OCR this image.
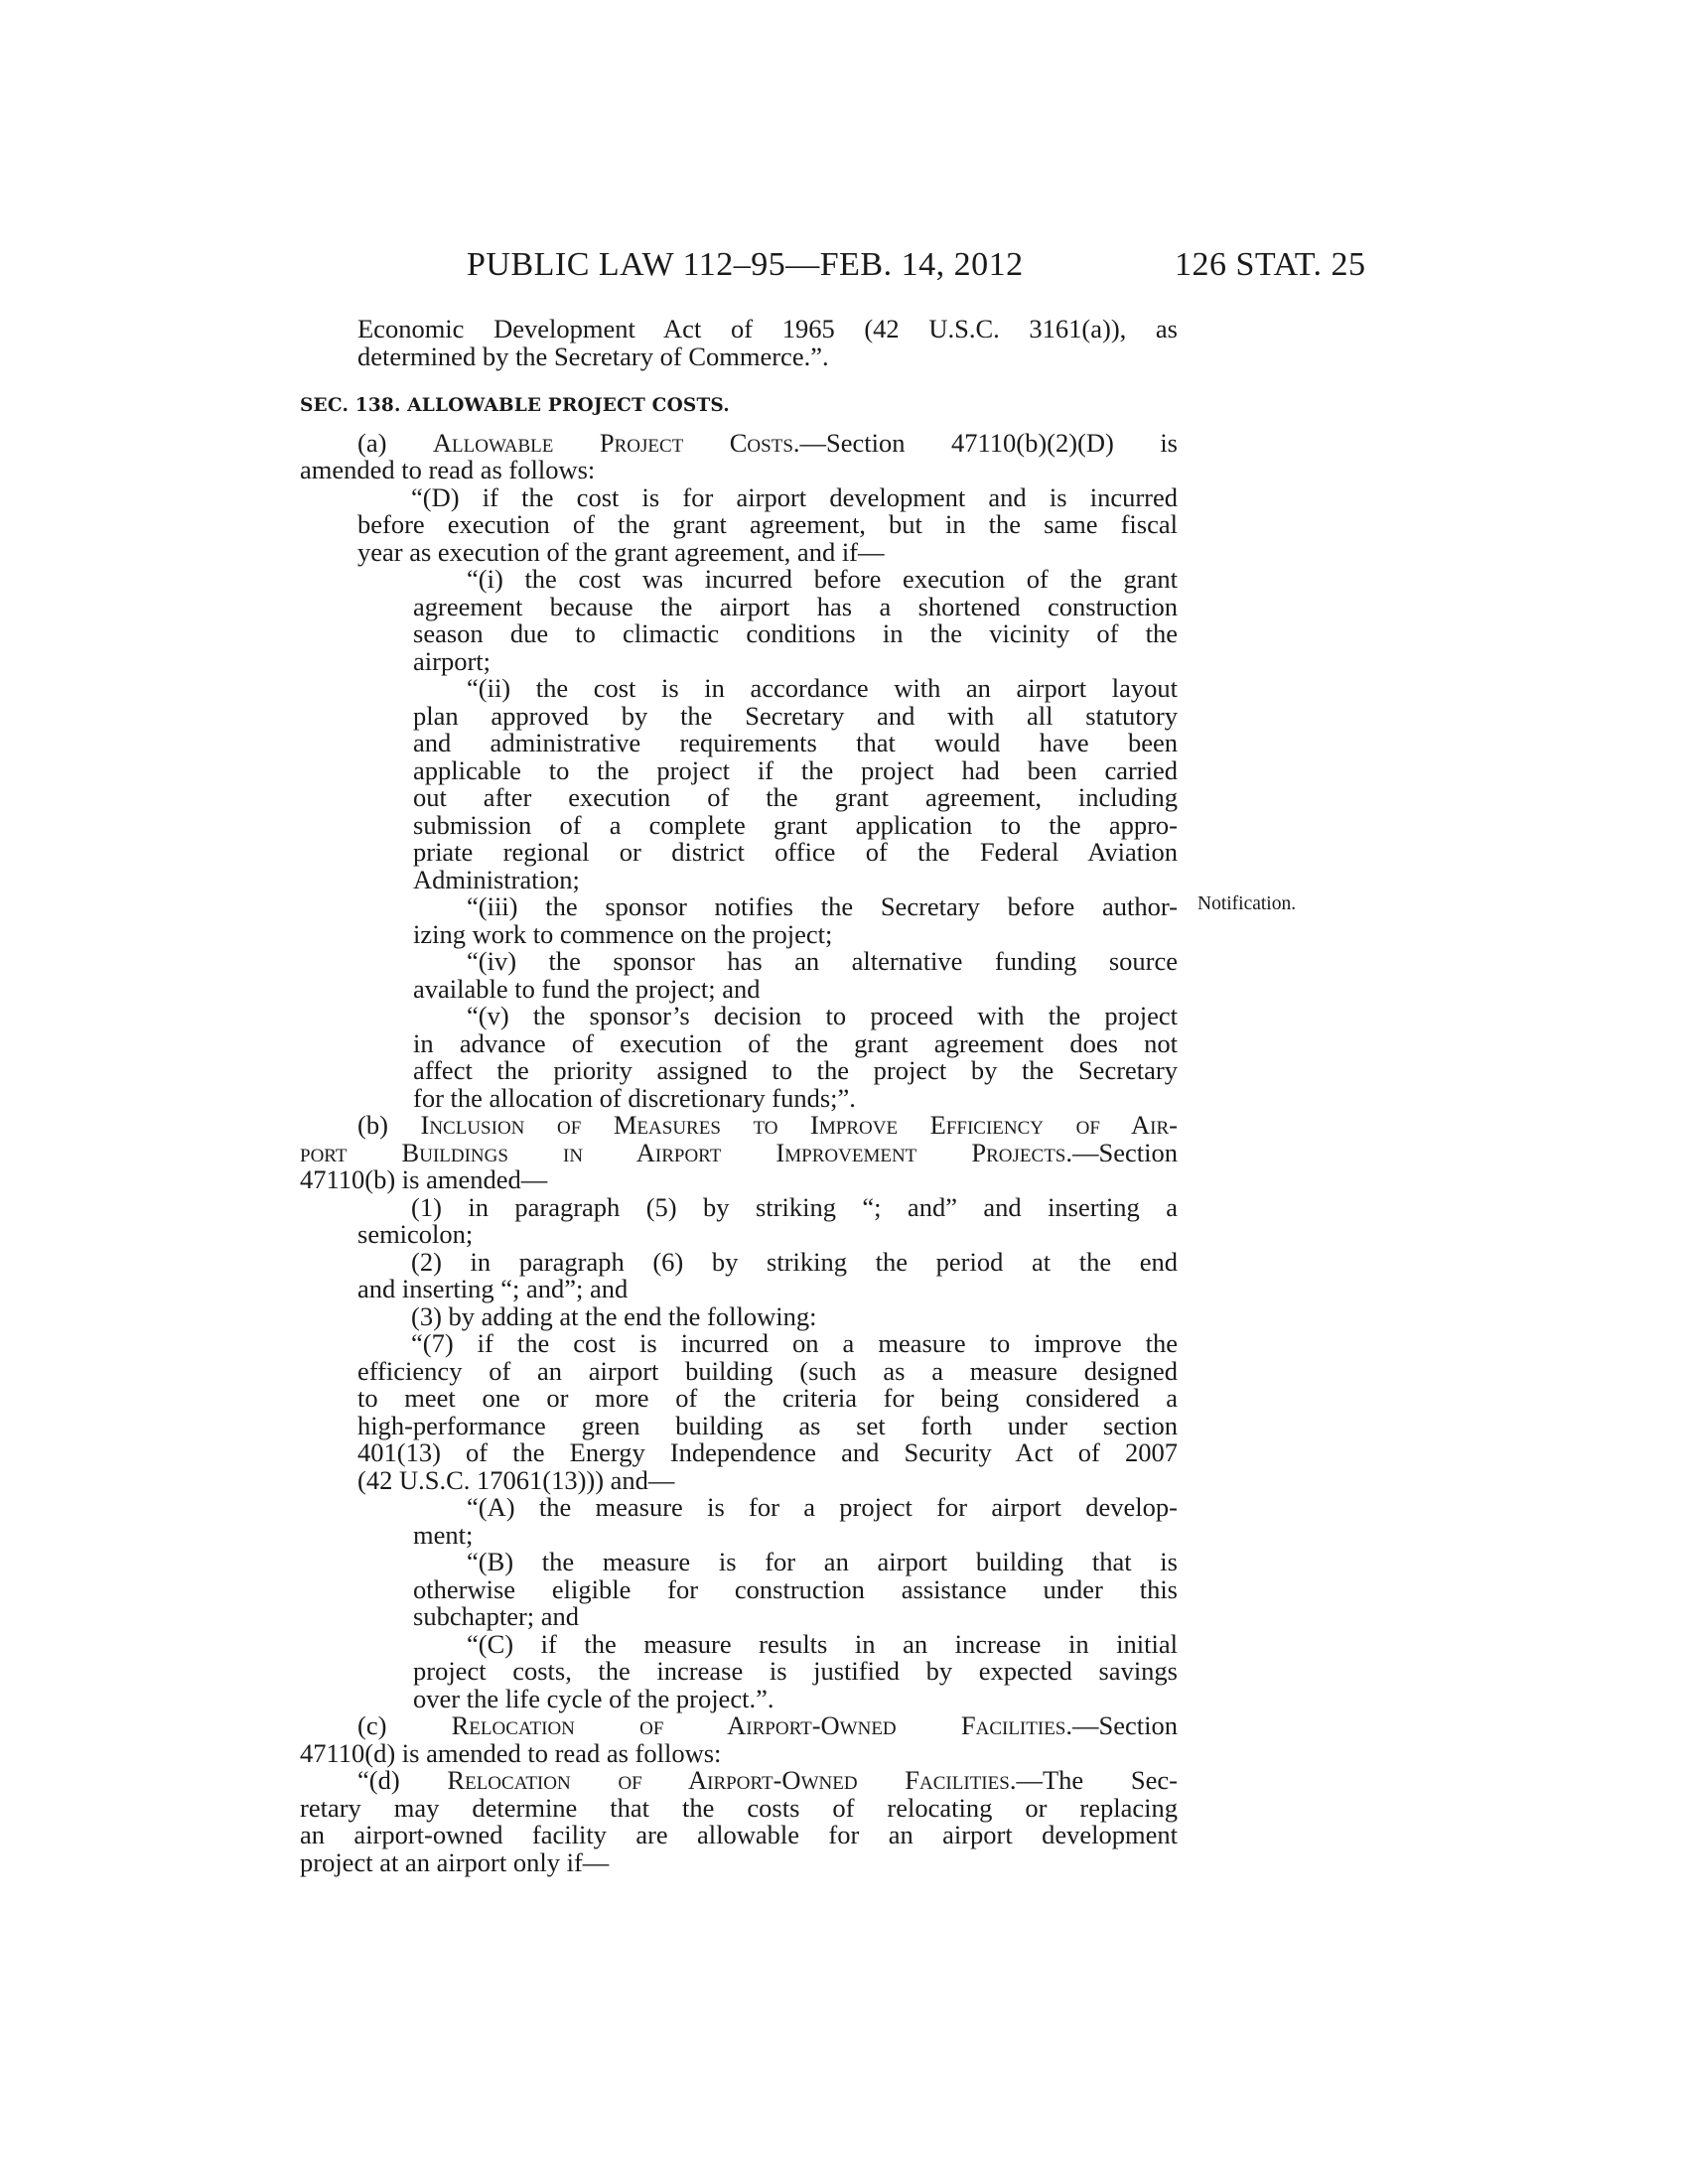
PUBLIC LAW 112–95—FEB. 14, 2012	126 STAT. 25
Notification.

Economic Development Act of 1965 (42 U.S.C. 3161(a)), as

determined by the Secretary of Commerce.”.

SEC. 138. ALLOWABLE PROJECT COSTS.

(a) Allowable Project Costs.—Section 47110(b)(2)(D) is

amended to read as follows:

“(D) if the cost is for airport development and is incurred

before execution of the grant agreement, but in the same fiscal

year as execution of the grant agreement, and if—

“(i) the cost was incurred before execution of the grant

agreement because the airport has a shortened construction

season due to climactic conditions in the vicinity of the

airport;

“(ii) the cost is in accordance with an airport layout

plan approved by the Secretary and with all statutory

and administrative requirements that would have been

applicable to the project if the project had been carried

out after execution of the grant agreement, including

submission of a complete grant application to the appro-

priate regional or district office of the Federal Aviation

Administration;

“(iii) the sponsor notifies the Secretary before author-

izing work to commence on the project;

“(iv) the sponsor has an alternative funding source

available to fund the project; and

“(v) the sponsor’s decision to proceed with the project

in advance of execution of the grant agreement does not

affect the priority assigned to the project by the Secretary

for the allocation of discretionary funds;”.

(b) Inclusion of Measures to Improve Efficiency of Air-

port Buildings in Airport Improvement Projects.—Section

47110(b) is amended—

(1) in paragraph (5) by striking “; and” and inserting a

semicolon;

(2) in paragraph (6) by striking the period at the end

and inserting “; and”; and

(3) by adding at the end the following:

“(7) if the cost is incurred on a measure to improve the

efficiency of an airport building (such as a measure designed

to meet one or more of the criteria for being considered a

high-performance green building as set forth under section

401(13) of the Energy Independence and Security Act of 2007

(42 U.S.C. 17061(13))) and—

“(A) the measure is for a project for airport develop-

ment;

“(B) the measure is for an airport building that is

otherwise eligible for construction assistance under this

subchapter; and

“(C) if the measure results in an increase in initial

project costs, the increase is justified by expected savings

over the life cycle of the project.”.

(c) Relocation of Airport-Owned Facilities.—Section

47110(d) is amended to read as follows:

“(d) Relocation of Airport-Owned Facilities.—The Sec-

retary may determine that the costs of relocating or replacing

an airport-owned facility are allowable for an airport development

project at an airport only if—
